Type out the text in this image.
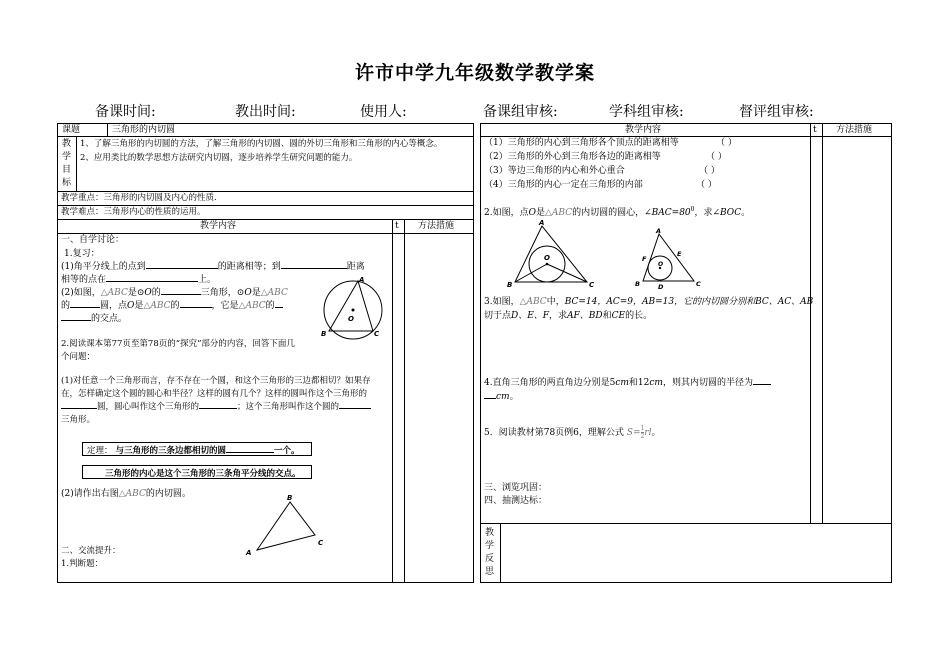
许市中学九年级数学教学案
备课时间:	教出时间:	使用人:	备课组审核:	学科组审核:	督评组审核:
课题	三角形的内切圆
教
学
目
标
1、了解三角形的内切圆的方法，了解三角形的内切圆、圆的外切三角形和三角形的内心等概念。
2、应用类比的数学思想方法研究内切圆，逐步培养学生研究问题的能力。
教学重点：三角形的内切圆及内心的性质.
教学难点：三角形内心的性质的运用。
教学内容	t 方法措施
一、自学讨论：
1.复习：
(1)角平分线上的点到	的距离相等；到	距离
相等的点在	上。
(2)如图，△ABC是⊙O的	三角形，⊙O是△ABC
的	圆，点O是△ABC的	，它是△ABC的
的交点。
A
B	C
O
2.阅读课本第77页至第78页的“探究”部分的内容，回答下面几
个问题：
(1)对任意一个三角形而言，存不存在一个圆，和这个三角形的三边都相切？如果存
在，怎样确定这个圆的圆心和半径？这样的圆有几个？这样的圆叫作这个三角形的
圆，圆心叫作这个三角形的	；这个三角形叫作这个圆的
三角形。
定理： 与三角形的三条边都相切的圆	一个。
三角形的内心是这个三角形的三条角平分线的交点。
(2)请作出右图△ABC的内切圆。	B
A
C
二、交流提升：
1.判断题：
教学内容	t 方法措施
（1）三角形的内心到三角形各个顶点的距离相等	（ ）
（2）三角形的外心到三角形各边的距离相等	（ ）
（3）等边三角形的内心和外心重合	（ ）
（4）三角形的内心一定在三角形的内部	（ ）
2.如图，点O是△ABC的内切圆的圆心，$\angle BAC=80^0$，求∠BOC。
A
B	C
O
A
B	C
D
E
F
O
3.如图，△ABC中，BC=14，AC=9，AB=13，它的内切圆分别和BC、AC、AB
切于点D、E、F，求AF、BD和CE的长。
4.直角三角形的两直角边分别是5cm和12cm，则其内切圆的半径为
cm。
5．阅读教材第78页例6，理解公式 $S= \frac{1}{2}$ rl。
三、浏览巩固：
四、抽测达标：
教
学
反
思
